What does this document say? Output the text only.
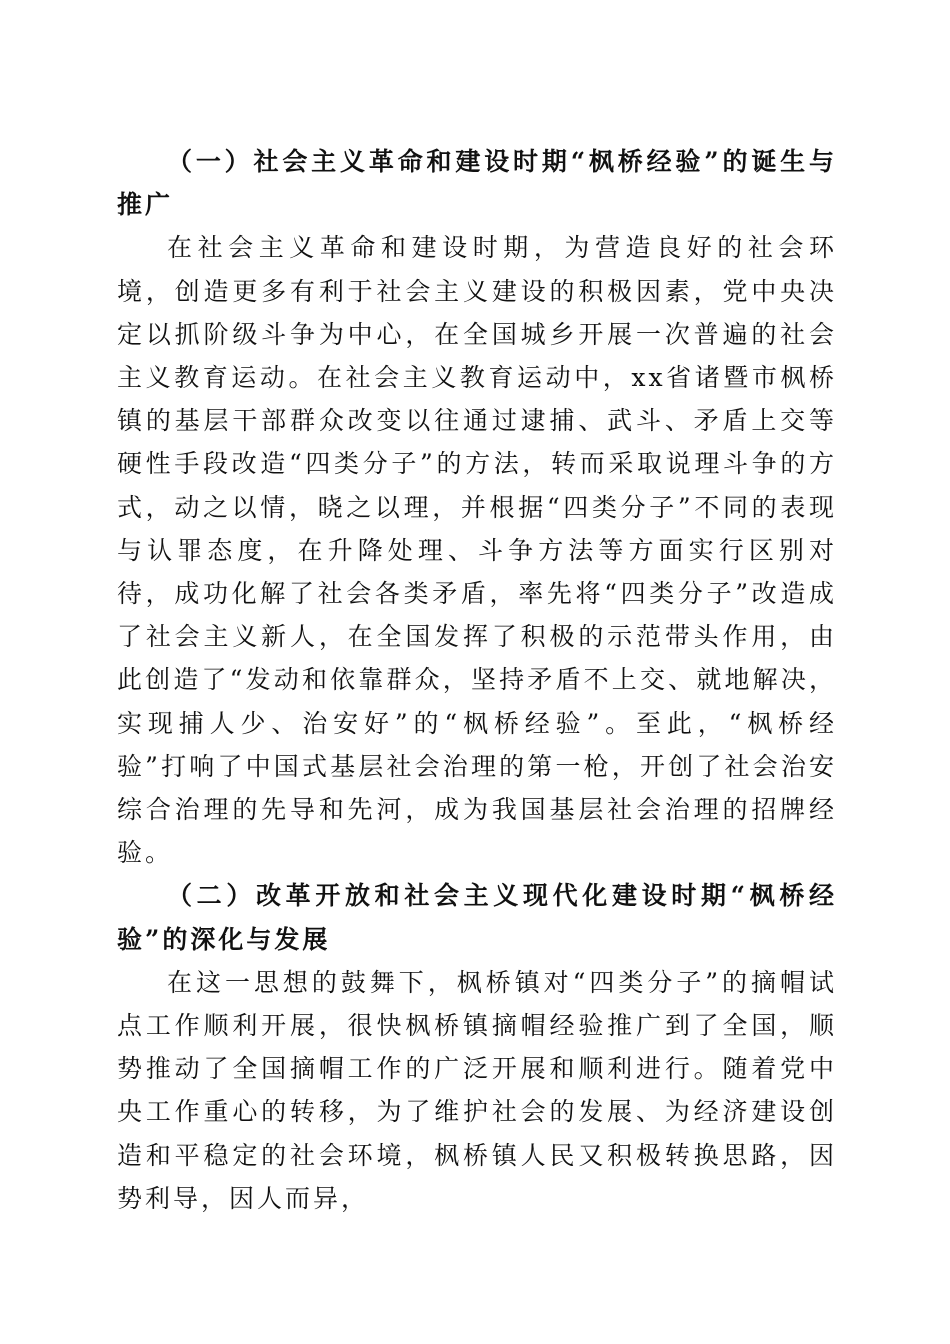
（一）社会主义革命和建设时期“枫桥经验”的诞生与推广

在社会主义革命和建设时期，为营造良好的社会环境，创造更多有利于社会主义建设的积极因素，党中央决定以抓阶级斗争为中心，在全国城乡开展一次普遍的社会主义教育运动。在社会主义教育运动中，xx省诸暨市枫桥镇的基层干部群众改变以往通过逮捕、武斗、矛盾上交等硬性手段改造“四类分子”的方法，转而采取说理斗争的方式，动之以情，晓之以理，并根据“四类分子”不同的表现与认罪态度，在升降处理、斗争方法等方面实行区别对待，成功化解了社会各类矛盾，率先将“四类分子”改造成了社会主义新人，在全国发挥了积极的示范带头作用，由此创造了“发动和依靠群众，坚持矛盾不上交、就地解决，实现捕人少、治安好”的“枫桥经验”。至此，“枫桥经验”打响了中国式基层社会治理的第一枪，开创了社会治安综合治理的先导和先河，成为我国基层社会治理的招牌经验。

（二）改革开放和社会主义现代化建设时期“枫桥经验”的深化与发展

在这一思想的鼓舞下，枫桥镇对“四类分子”的摘帽试点工作顺利开展，很快枫桥镇摘帽经验推广到了全国，顺势推动了全国摘帽工作的广泛开展和顺利进行。随着党中央工作重心的转移，为了维护社会的发展、为经济建设创造和平稳定的社会环境，枫桥镇人民又积极转换思路，因势利导，因人而异，
